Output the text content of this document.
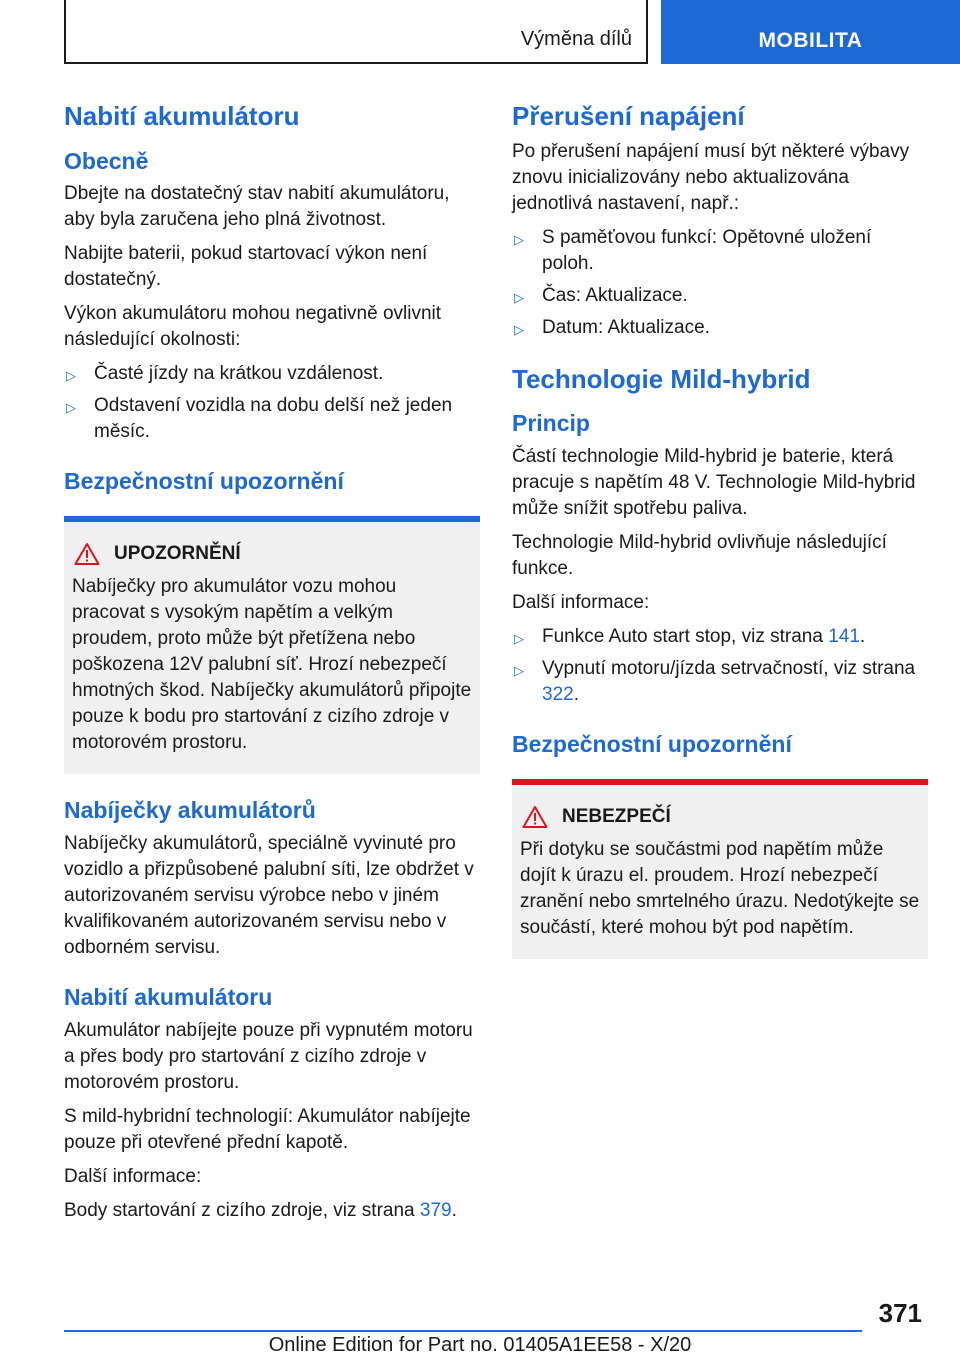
Výměna dílů	MOBILITA
Nabití akumulátoru
Obecně

Dbejte na dostatečný stav nabití akumulátoru, aby byla zaručena jeho plná životnost.

Nabijte baterii, pokud startovací výkon není dostatečný.

Výkon akumulátoru mohou negativně ovlivnit následující okolnosti:

▷ Časté jízdy na krátkou vzdálenost.
▷ Odstavení vozidla na dobu delší než jeden měsíc.
Bezpečnostní upozornění
UPOZORNĚNÍ

Nabíječky pro akumulátor vozu mohou pracovat s vysokým napětím a velkým proudem, proto může být přetížena nebo poškozena 12V palubní síť. Hrozí nebezpečí hmotných škod. Nabíječky akumulátorů připojte pouze k bodu pro startování z cizího zdroje v motorovém prostoru.

Nabíječky akumulátorů

Nabíječky akumulátorů, speciálně vyvinuté pro vozidlo a přizpůsobené palubní síti, lze obdržet v autorizovaném servisu výrobce nebo v jiném kvalifikovaném autorizovaném servisu nebo v odborném servisu.

Nabití akumulátoru

Akumulátor nabíjejte pouze při vypnutém motoru a přes body pro startování z cizího zdroje v motorovém prostoru.

S mild-hybridní technologií: Akumulátor nabíjejte pouze při otevřené přední kapotě.

Další informace:

Body startování z cizího zdroje, viz strana 379.

Přerušení napájení

Po přerušení napájení musí být některé výbavy znovu inicializovány nebo aktualizována jednotlivá nastavení, např.:

▷ S paměťovou funkcí: Opětovné uložení poloh.
▷ Čas: Aktualizace.
▷ Datum: Aktualizace.
Technologie Mild-hybrid
Princip

Částí technologie Mild-hybrid je baterie, která pracuje s napětím 48 V. Technologie Mild-hybrid může snížit spotřebu paliva.

Technologie Mild-hybrid ovlivňuje následující funkce.

Další informace:

▷ Funkce Auto start stop, viz strana 141.
▷ Vypnutí motoru/jízda setrvačností, viz strana 322.
Bezpečnostní upozornění
NEBEZPEČÍ

Při dotyku se součástmi pod napětím může dojít k úrazu el. proudem. Hrozí nebezpečí zranění nebo smrtelného úrazu. Nedotýkejte se součástí, které mohou být pod napětím.

371
Online Edition for Part no. 01405A1EE58 - X/20
